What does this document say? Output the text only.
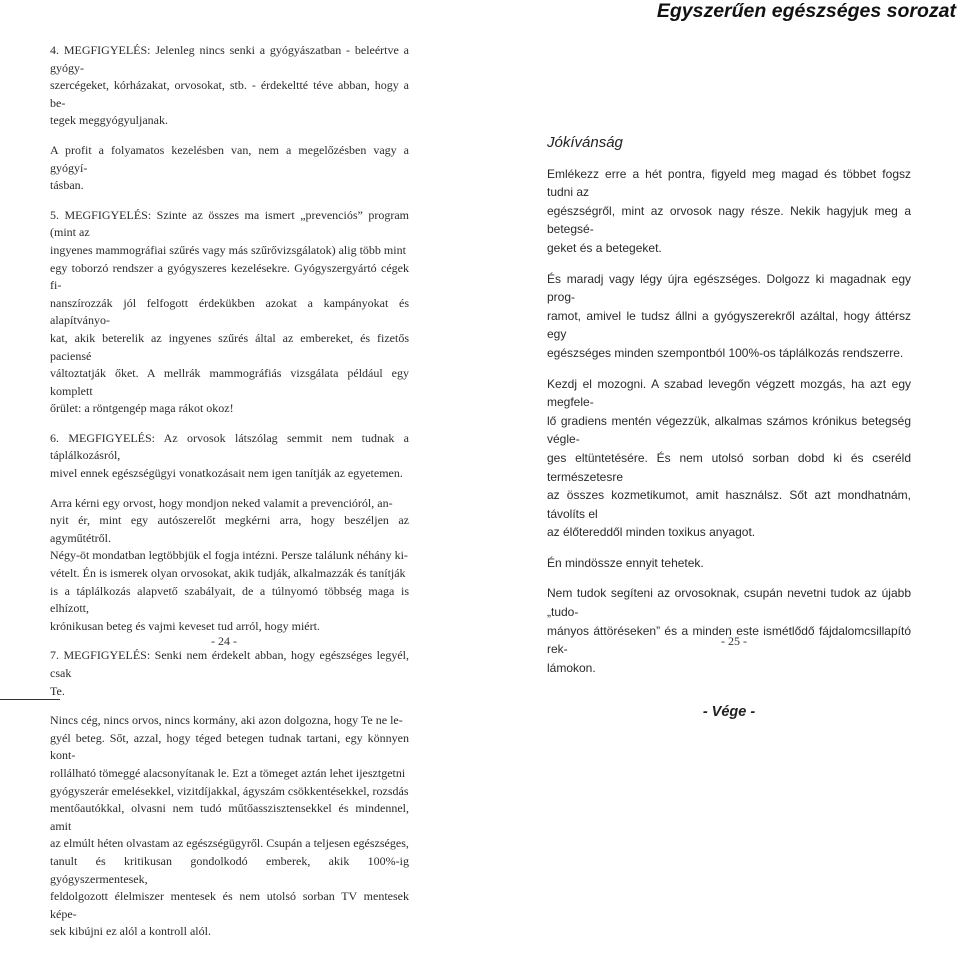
Egyszerűen egészséges sorozat

4. MEGFIGYELÉS: Jelenleg nincs senki a gyógyászatban - beleértve a gyógy-
szercégeket, kórházakat, orvosokat, stb. - érdekeltté téve abban, hogy a be-
tegek meggyógyuljanak.

A profit a folyamatos kezelésben van, nem a megelőzésben vagy a gyógyí-
tásban.

5. MEGFIGYELÉS: Szinte az összes ma ismert „prevenciós” program (mint az
ingyenes mammográfiai szűrés vagy más szűrővizsgálatok) alig több mint
egy toborzó rendszer a gyógyszeres kezelésekre. Gyógyszergyártó cégek fi-
nanszírozzák jól felfogott érdekükben azokat a kampányokat és alapítványo-
kat, akik beterelik az ingyenes szűrés által az embereket, és fizetős paciensé
változtatják őket. A mellrák mammográfiás vizsgálata például egy komplett
őrület: a röntgengép maga rákot okoz!

6. MEGFIGYELÉS: Az orvosok látszólag semmit nem tudnak a táplálkozásról,
mivel ennek egészségügyi vonatkozásait nem igen tanítják az egyetemen.

Arra kérni egy orvost, hogy mondjon neked valamit a prevencióról, an-
nyit ér, mint egy autószerelőt megkérni arra, hogy beszéljen az agyműtétről.
Négy-öt mondatban legtöbbjük el fogja intézni. Persze találunk néhány ki-
vételt. Én is ismerek olyan orvosokat, akik tudják, alkalmazzák és tanítják
is a táplálkozás alapvető szabályait, de a túlnyomó többség maga is elhízott,
krónikusan beteg és vajmi keveset tud arról, hogy miért.

7. MEGFIGYELÉS: Senki nem érdekelt abban, hogy egészséges legyél, csak
Te.

Nincs cég, nincs orvos, nincs kormány, aki azon dolgozna, hogy Te ne le-
gyél beteg. Sőt, azzal, hogy téged betegen tudnak tartani, egy könnyen kont-
rollálható tömeggé alacsonyítanak le. Ezt a tömeget aztán lehet ijesztgetni
gyógyszerár emelésekkel, vizitdíjakkal, ágyszám csökkentésekkel, rozsdás
mentőautókkal, olvasni nem tudó műtőasszisztensekkel és mindennel, amit
az elmúlt héten olvastam az egészségügyről. Csupán a teljesen egészséges,
tanult és kritikusan gondolkodó emberek, akik 100%-ig gyógyszermentesek,
feldolgozott élelmiszer mentesek és nem utolsó sorban TV mentesek képe-
sek kibújni ez alól a kontroll alól.

- 24 -
Jókívánság

Emlékezz erre a hét pontra, figyeld meg magad és többet fogsz tudni az
egészségről, mint az orvosok nagy része. Nekik hagyjuk meg a betegsé-
geket és a betegeket.

És maradj vagy légy újra egészséges. Dolgozz ki magadnak egy prog-
ramot, amivel le tudsz állni a gyógyszerekről azáltal, hogy áttérsz egy
egészséges minden szempontból 100%-os táplálkozás rendszerre.

Kezdj el mozogni. A szabad levegőn végzett mozgás, ha azt egy megfele-
lő gradiens mentén végezzük, alkalmas számos krónikus betegség végle-
ges eltüntetésére. És nem utolsó sorban dobd ki és cseréld természetesre
az összes kozmetikumot, amit használsz. Sőt azt mondhatnám, távolíts el
az élőtereddől minden toxikus anyagot.

Én mindössze ennyit tehetek.

Nem tudok segíteni az orvosoknak, csupán nevetni tudok az újabb „tudo-
mányos áttöréseken” és a minden este ismétlődő fájdalomcsillapító rek-
lámokon.

- Vége -
- 25 -
